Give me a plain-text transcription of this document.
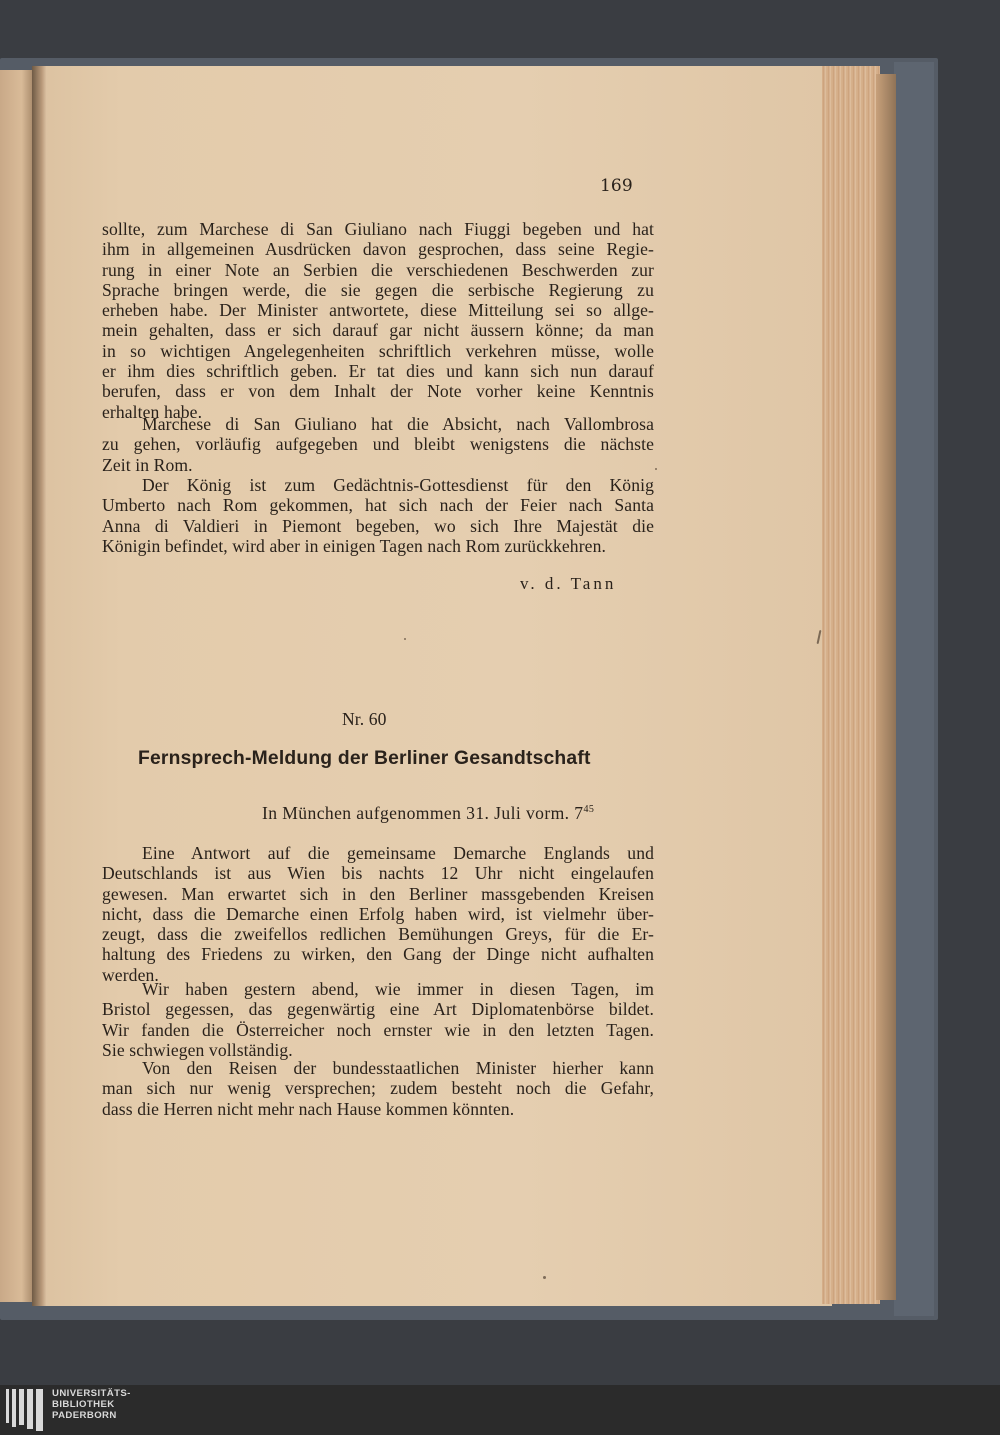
169

sollte, zum Marchese di San Giuliano nach Fiuggi begeben und hat

ihm in allgemeinen Ausdrücken davon gesprochen, dass seine Regie-

rung in einer Note an Serbien die verschiedenen Beschwerden zur

Sprache bringen werde, die sie gegen die serbische Regierung zu

erheben habe. Der Minister antwortete, diese Mitteilung sei so allge-

mein gehalten, dass er sich darauf gar nicht äussern könne; da man

in so wichtigen Angelegenheiten schriftlich verkehren müsse, wolle

er ihm dies schriftlich geben. Er tat dies und kann sich nun darauf

berufen, dass er von dem Inhalt der Note vorher keine Kenntnis

erhalten habe.

Marchese di San Giuliano hat die Absicht, nach Vallombrosa

zu gehen, vorläufig aufgegeben und bleibt wenigstens die nächste

Zeit in Rom.

Der König ist zum Gedächtnis-Gottesdienst für den König

Umberto nach Rom gekommen, hat sich nach der Feier nach Santa

Anna di Valdieri in Piemont begeben, wo sich Ihre Majestät die

Königin befindet, wird aber in einigen Tagen nach Rom zurückkehren.

v. d. Tann
Nr. 60
Fernsprech-Meldung der Berliner Gesandtschaft
In München aufgenommen 31. Juli vorm. $7^{45}$

Eine Antwort auf die gemeinsame Demarche Englands und

Deutschlands ist aus Wien bis nachts 12 Uhr nicht eingelaufen

gewesen. Man erwartet sich in den Berliner massgebenden Kreisen

nicht, dass die Demarche einen Erfolg haben wird, ist vielmehr über-

zeugt, dass die zweifellos redlichen Bemühungen Greys, für die Er-

haltung des Friedens zu wirken, den Gang der Dinge nicht aufhalten

werden.

Wir haben gestern abend, wie immer in diesen Tagen, im

Bristol gegessen, das gegenwärtig eine Art Diplomatenbörse bildet.

Wir fanden die Österreicher noch ernster wie in den letzten Tagen.

Sie schwiegen vollständig.

Von den Reisen der bundesstaatlichen Minister hierher kann

man sich nur wenig versprechen; zudem besteht noch die Gefahr,

dass die Herren nicht mehr nach Hause kommen könnten.

UNIVERSITÄTS-
BIBLIOTHEK
PADERBORN
